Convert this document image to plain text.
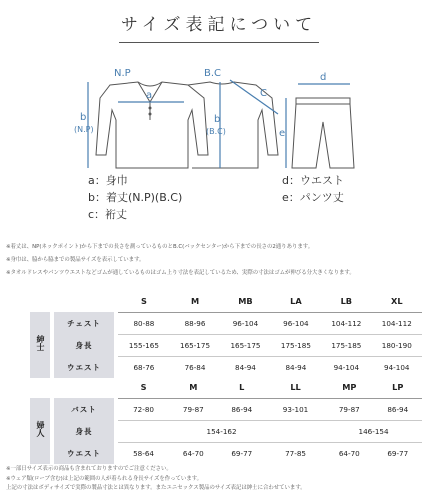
サイズ表記について
N.P	B.C
a
b
(N.P)
b
(B.C)
C
d
e
a：身巾
b：着丈(N.P)(B.C)
c：裄丈
d：ウエスト
e：パンツ丈
※着丈は、NP(ネックポイント)から下までの長さを測っているものとB.C(バックセンター)から下までの長さの2通りあります。
※身巾は、脇から脇までの製品サイズを表示しています。
※タオルドレスやパンツウエストなどゴムが通しているものはゴム上り寸法を表記しているため、実際の寸法はゴムが伸びる分大きくなります。
		S	M	MB	LA	LB	XL
紳士	チェスト	80-88	88-96	96-104	96-104	104-112	104-112
	身長	155-165	165-175	165-175	175-185	175-185	180-190
	ウエスト	68-76	76-84	84-94	84-94	94-104	94-104
		S	M	L	LL	MP	LP
婦人	バスト	72-80	79-87	86-94	93-101	79-87	86-94
	身長	154-162				146-154	
	ウエスト	58-64	64-70	69-77	77-85	64-70	69-77
※一部日サイズ表示の商品も含まれておりますのでご注意ください。
※ウェア類(ローブ含む)は上記の範囲の人が着られる身長サイズを作っています。
上記の寸法はボディサイズで実際の製品寸法とは異なります。またユニセックス製品のサイズ表記は紳士に合わせています。
